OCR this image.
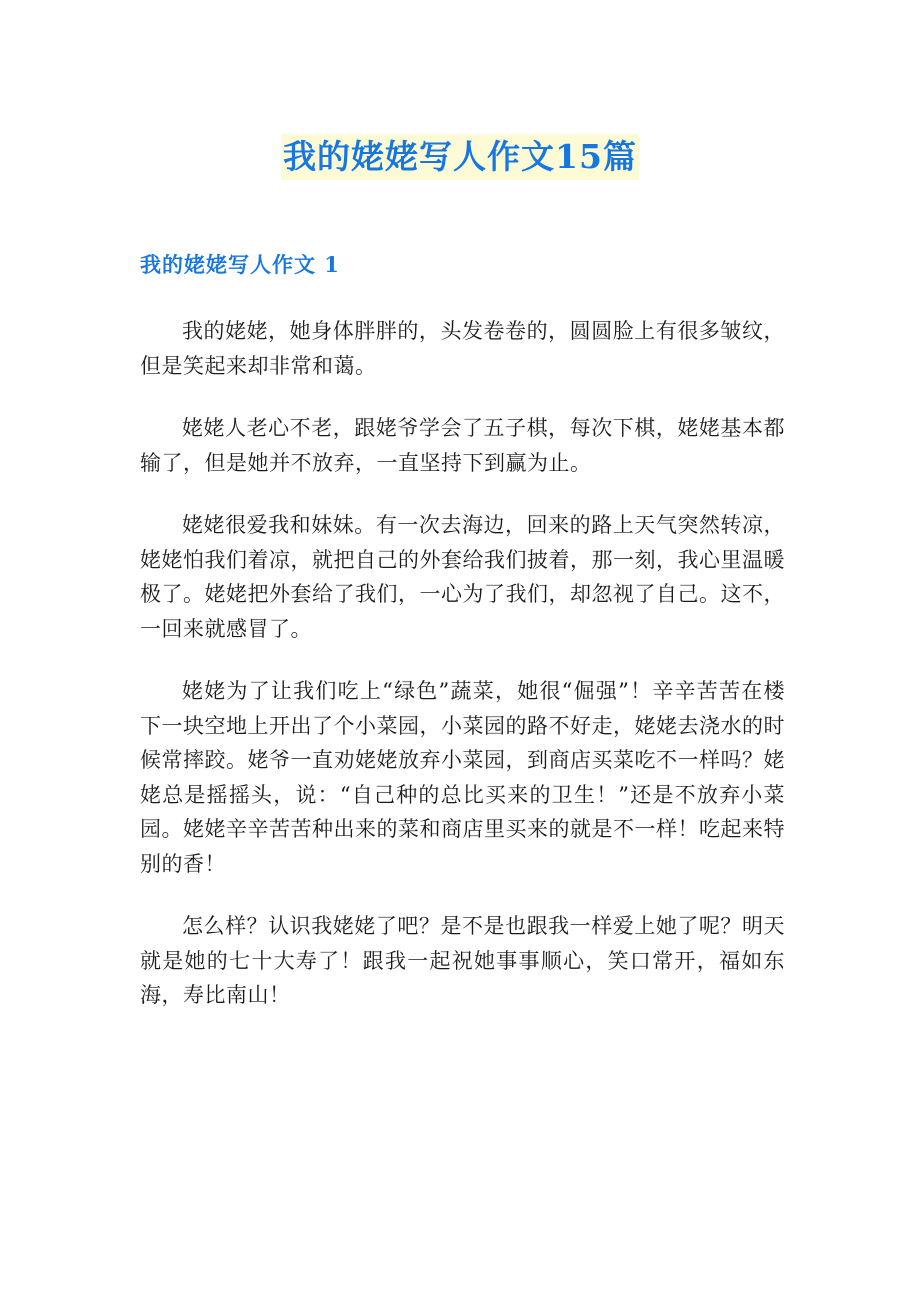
我的姥姥写人作文15篇
我的姥姥写人作文 1

我的姥姥，她身体胖胖的，头发卷卷的，圆圆脸上有很多皱纹，但是笑起来却非常和蔼。

姥姥人老心不老，跟姥爷学会了五子棋，每次下棋，姥姥基本都输了，但是她并不放弃，一直坚持下到赢为止。

姥姥很爱我和妹妹。有一次去海边，回来的路上天气突然转凉，姥姥怕我们着凉，就把自己的外套给我们披着，那一刻，我心里温暖极了。姥姥把外套给了我们，一心为了我们，却忽视了自己。这不，一回来就感冒了。

姥姥为了让我们吃上“绿色”蔬菜，她很“倔强”！辛辛苦苦在楼下一块空地上开出了个小菜园，小菜园的路不好走，姥姥去浇水的时候常摔跤。姥爷一直劝姥姥放弃小菜园，到商店买菜吃不一样吗？姥姥总是摇摇头，说：“自己种的总比买来的卫生！”还是不放弃小菜园。姥姥辛辛苦苦种出来的菜和商店里买来的就是不一样！吃起来特别的香！

怎么样？认识我姥姥了吧？是不是也跟我一样爱上她了呢？明天就是她的七十大寿了！跟我一起祝她事事顺心，笑口常开，福如东海，寿比南山！
